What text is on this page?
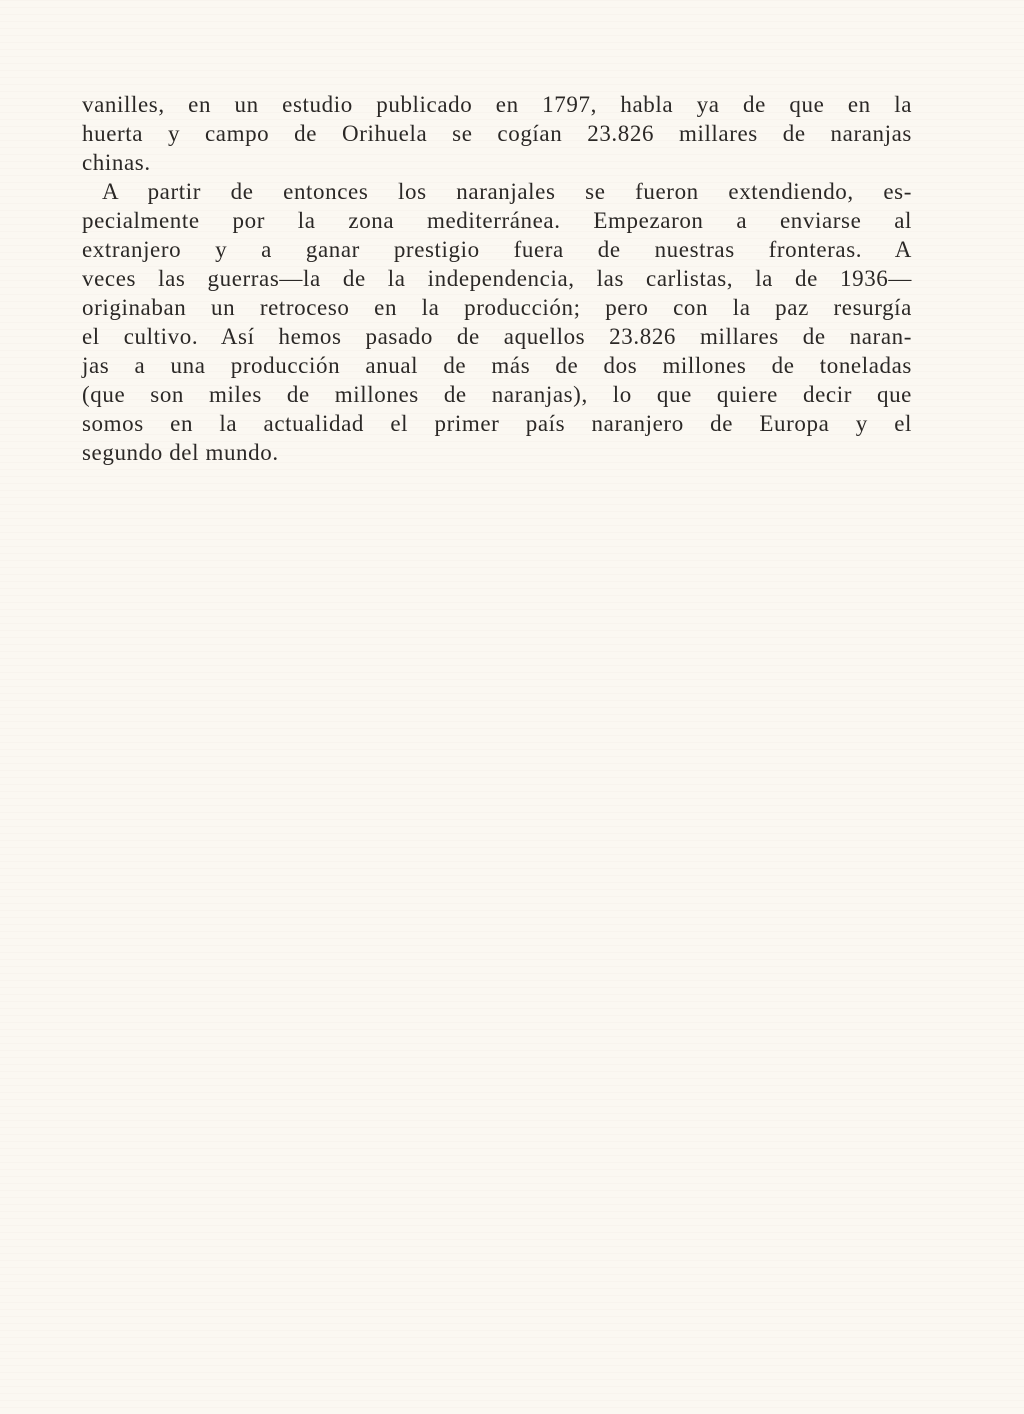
vanilles, en un estudio publicado en 1797, habla ya de que en la
huerta y campo de Orihuela se cogían 23.826 millares de naranjas
chinas.
A partir de entonces los naranjales se fueron extendiendo, es-
pecialmente por la zona mediterránea. Empezaron a enviarse al
extranjero y a ganar prestigio fuera de nuestras fronteras. A
veces las guerras—la de la independencia, las carlistas, la de 1936—
originaban un retroceso en la producción; pero con la paz resurgía
el cultivo. Así hemos pasado de aquellos 23.826 millares de naran-
jas a una producción anual de más de dos millones de toneladas
(que son miles de millones de naranjas), lo que quiere decir que
somos en la actualidad el primer país naranjero de Europa y el
segundo del mundo.
